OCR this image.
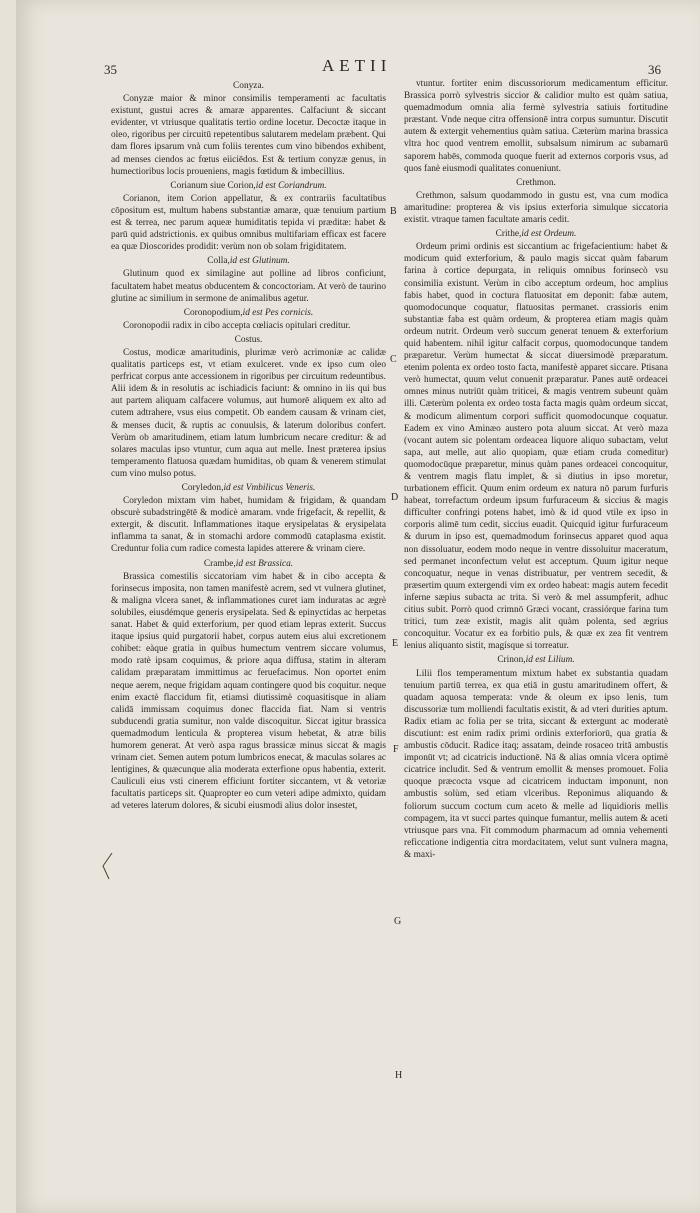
35	AETII	36

Conyza.

Conyzæ maior & minor consimilis temperamenti ac facultatis existunt, gustui acres & amaræ apparentes. Calfaciunt & siccant evidenter, vt vtriusque qualitatis tertio ordine locetur. Decoctæ itaque in oleo, rigoribus per circuitū repetentibus salutarem medelam præbent. Qui dam flores ipsarum vnà cum foliis terentes cum vino bibendos exhibent, ad menses ciendos ac fœtus eiiciēdos. Est & tertium conyzæ genus, in humectioribus locis proueniens, magis fœtidum & imbecillius.

Corianum siue Corion,id est Coriandrum.

Corianon, item Corion appellatur, & ex contrariis facultatibus cōpositum est, multum habens substantiæ amaræ, quæ tenuium partium est & terrea, nec parum aqueæ humiditatis tepida vi præditæ: habet & parū quid adstrictionis. ex quibus omnibus multifariam efficax est facere ea quæ Dioscorides prodidit: verùm non ob solam frigiditatem.

Colla,id est Glutinum.

Glutinum quod ex similagine aut polline ad libros conficiunt, facultatem habet meatus obducentem & concoctoriam. At verò de taurino glutine ac similium in sermone de animalibus agetur.

Coronopodium,id est Pes cornicis.

Coronopodii radix in cibo accepta cœliacis opitulari creditur.

Costus.

Costus, modicæ amaritudinis, plurimæ verò acrimoniæ ac calidæ qualitatis particeps est, vt etiam exulceret. vnde ex ipso cum oleo perfricat corpus ante accessionem in rigoribus per circuitum redeuntibus. Alii idem & in resolutis ac ischiadicis faciunt: & omnino in iis qui bus aut partem aliquam calfacere volumus, aut humorē aliquem ex alto ad cutem adtrahere, vsus eius competit. Ob eandem causam & vrinam ciet, & menses ducit, & ruptis ac conuulsis, & laterum doloribus confert. Verùm ob amaritudinem, etiam latum lumbricum necare creditur: & ad solares maculas ipso vtuntur, cum aqua aut melle. Inest præterea ipsius temperamento flatuosa quædam humiditas, ob quam & venerem stimulat cum vino mulso potus.

Coryledon,id est Vmbilicus Veneris.

Coryledon mixtam vim habet, humidam & frigidam, & quandam obscurè subadstringētē & modicè amaram. vnde frigefacit, & repellit, & extergit, & discutit. Inflammationes itaque erysipelatas & erysipelata inflamma ta sanat, & in stomachi ardore commodū cataplasma existit. Creduntur folia cum radice comesta lapides atterere & vrinam ciere.

Crambe,id est Brassica.

Brassica comestilis siccatoriam vim habet & in cibo accepta & forinsecus imposita, non tamen manifestè acrem, sed vt vulnera glutinet, & maligna vlcera sanet, & inflammationes curet iam induratas ac ægrè solubiles, eiusdémque generis erysipelata. Sed & epinyctidas ac herpetas sanat. Habet & quid exterforium, per quod etiam lepras exterit. Succus itaque ipsius quid purgatorii habet, corpus autem eius alui excretionem cohibet: eàque gratia in quibus humectum ventrem siccare volumus, modo ratè ipsam coquimus, & priore aqua diffusa, statim in alteram calidam præparatam immittimus ac feruefacimus. Non oportet enim neque aerem, neque frigidam aquam contingere quod bis coquitur. neque enim exactè flaccidum fit, etiamsi diutissimè coquasitisque in aliam calidā immissam coquimus donec flaccida fiat. Nam si ventris subducendi gratia sumitur, non valde discoquitur. Siccat igitur brassica quemadmodum lenticula & propterea visum hebetat, & atræ bilis humorem generat. At verò aspa ragus brassicæ minus siccat & magis vrinam ciet. Semen autem potum lumbricos enecat, & maculas solares ac lentigines, & quæcunque alia moderata exterfione opus habentia, exterit. Cauliculi eius vsti cinerem efficiunt fortiter siccantem, vt & vetoriæ facultatis particeps sit. Quapropter eo cum veteri adipe admixto, quidam ad veteres laterum dolores, & sicubi eiusmodi alius dolor insestet,

vtuntur. fortiter enim discussoriorum medicamentum efficitur. Brassica porrò sylvestris siccior & calidior multo est quàm satiua, quemadmodum omnia alia fermè sylvestria satiuis fortitudine præstant. Vnde neque citra offensionē intra corpus sumuntur. Discutit autem & extergit vehementius quàm satiua. Cæterùm marina brassica vltra hoc quod ventrem emollit, subsalsum nimirum ac subamarū saporem habēs, commoda quoque fuerit ad externos corporis vsus, ad quos fanè eiusmodi qualitates conueniunt.

Crethmon.

Crethmon, salsum quodammodo in gustu est, vna cum modica amaritudine: propterea & vis ipsius exterforia simulque siccatoria existit. vtraque tamen facultate amaris cedit.

Crithe,id est Ordeum.

Ordeum primi ordinis est siccantium ac frigefacientium: habet & modicum quid exterforium, & paulo magis siccat quàm fabarum farina à cortice depurgata, in reliquis omnibus forinsecò vsu consimilia existunt. Verùm in cibo acceptum ordeum, hoc amplius fabis habet, quod in coctura flatuositat em deponit: fabæ autem, quomodocunque coquatur, flatuositas permanet. crassioris enim substantiæ faba est quàm ordeum, & propterea etiam magis quàm ordeum nutrit. Ordeum verò succum generat tenuem & exterforium quid habentem. nihil igitur calfacit corpus, quomodocunque tandem præparetur. Verùm humectat & siccat diuersimodè præparatum. etenim polenta ex ordeo tosto facta, manifestè apparet siccare. Ptisana verò humectat, quum velut conuenit præparatur. Panes autē ordeacei omnes minus nutriūt quàm triticei, & magis ventrem subeunt quàm illi. Cæterùm polenta ex ordeo tosta facta magis quàm ordeum siccat, & modicum alimentum corpori sufficit quomodocunque coquatur. Eadem ex vino Aminæo austero pota aluum siccat. At verò maza (vocant autem sic polentam ordeacea liquore aliquo subactam, velut sapa, aut melle, aut alio quopiam, quæ etiam cruda comeditur) quomodocūque præparetur, minus quàm panes ordeacei concoquitur, & ventrem magis flatu implet, & si diutius in ipso moretur, turbationem efficit. Quum enim ordeum ex natura nō parum furfuris habeat, torrefactum ordeum ipsum furfuraceum & siccius & magis difficulter confringi potens habet, imò & id quod vtile ex ipso in corporis alimē tum cedit, siccius euadit. Quicquid igitur furfuraceum & durum in ipso est, quemadmodum forinsecus apparet quod aqua non dissoluatur, eodem modo neque in ventre dissoluitur maceratum, sed permanet inconfectum velut est acceptum. Quum igitur neque concoquatur, neque in venas distribuatur, per ventrem secedit, & præsertim quum extergendi vim ex ordeo habeat: magis autem fecedit inferne sæpius subacta ac trita. Si verò & mel assumpferit, adhuc citius subit. Porrò quod crimnō Græci vocant, crassiórque farina tum tritici, tum zeæ existit, magis alit quàm polenta, sed ægrius concoquitur. Vocatur ex ea forbitio puls, & quæ ex zea fit ventrem lenius aliquanto sistit, magísque si torreatur.

Crinon,id est Lilium.

Lilii flos temperamentum mixtum habet ex substantia quadam tenuium partiū terrea, ex qua etiā in gustu amaritudinem offert, & quadam aquosa temperata: vnde & oleum ex ipso lenis, tum discussoriæ tum molliendi facultatis existit, & ad vteri durities aptum. Radix etiam ac folia per se trita, siccant & extergunt ac moderatè discutiunt: est enim radix primi ordinis exterforiorū, qua gratia & ambustis cōducit. Radice itaq; assatam, deinde rosaceo tritā ambustis imponūt vt; ad cicatricis inductionē. Nā & alias omnia vlcera optimè cicatrice includit. Sed & ventrum emollit & menses promouet. Folia quoque præcocta vsque ad cicatricem inductam imponunt, non ambustis solùm, sed etiam vlceribus. Reponimus aliquando & foliorum succum coctum cum aceto & melle ad liquidioris mellis compagem, ita vt succi partes quinque fumantur, mellis autem & aceti vtriusque pars vna. Fit commodum pharmacum ad omnia vehementi reficcatione indigentia citra mordacitatem, velut sunt vulnera magna, & maxi-

B
C
D
E
F
G
H
